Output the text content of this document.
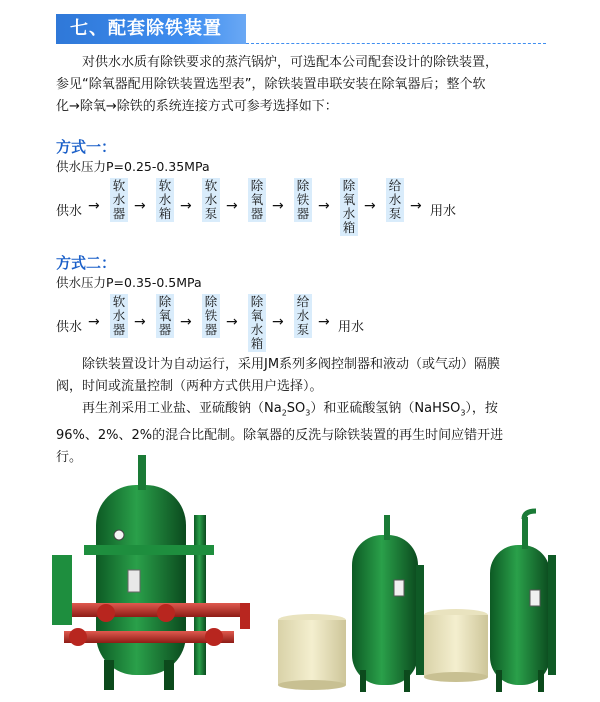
七、配套除铁装置

对供水水质有除铁要求的蒸汽锅炉，可选配本公司配套设计的除铁装置，
参见“除氧器配用除铁装置选型表”，除铁装置串联安装在除氧器后；整个软
化→除氧→除铁的系统连接方式可参考选择如下：

方式一：
供水压力P=0.25-0.35MPa
供水 →
软
水
器 →
软
水
箱 →
软
水
泵 →
除
氧
器 →
除
铁
器 →
除
氧
水
箱
→
给
水
泵 → 用水
方式二：
供水压力P=0.35-0.5MPa
供水 →
软
水
器 →
除
氧
器 →
除
铁
器 →
除
氧
水
箱
→
给
水
泵 → 用水

除铁装置设计为自动运行，采用JM系列多阀控制器和液动（或气动）隔膜
阀，时间或流量控制（两种方式供用户选择）。
再生剂采用工业盐、亚硫酸钠$(Na_2SO_3)$和亚硫酸氢钠（NaHSO$_3$），按
96%、2%、2%的混合比配制。除氧器的反洗与除铁装置的再生时间应错开进
行。
